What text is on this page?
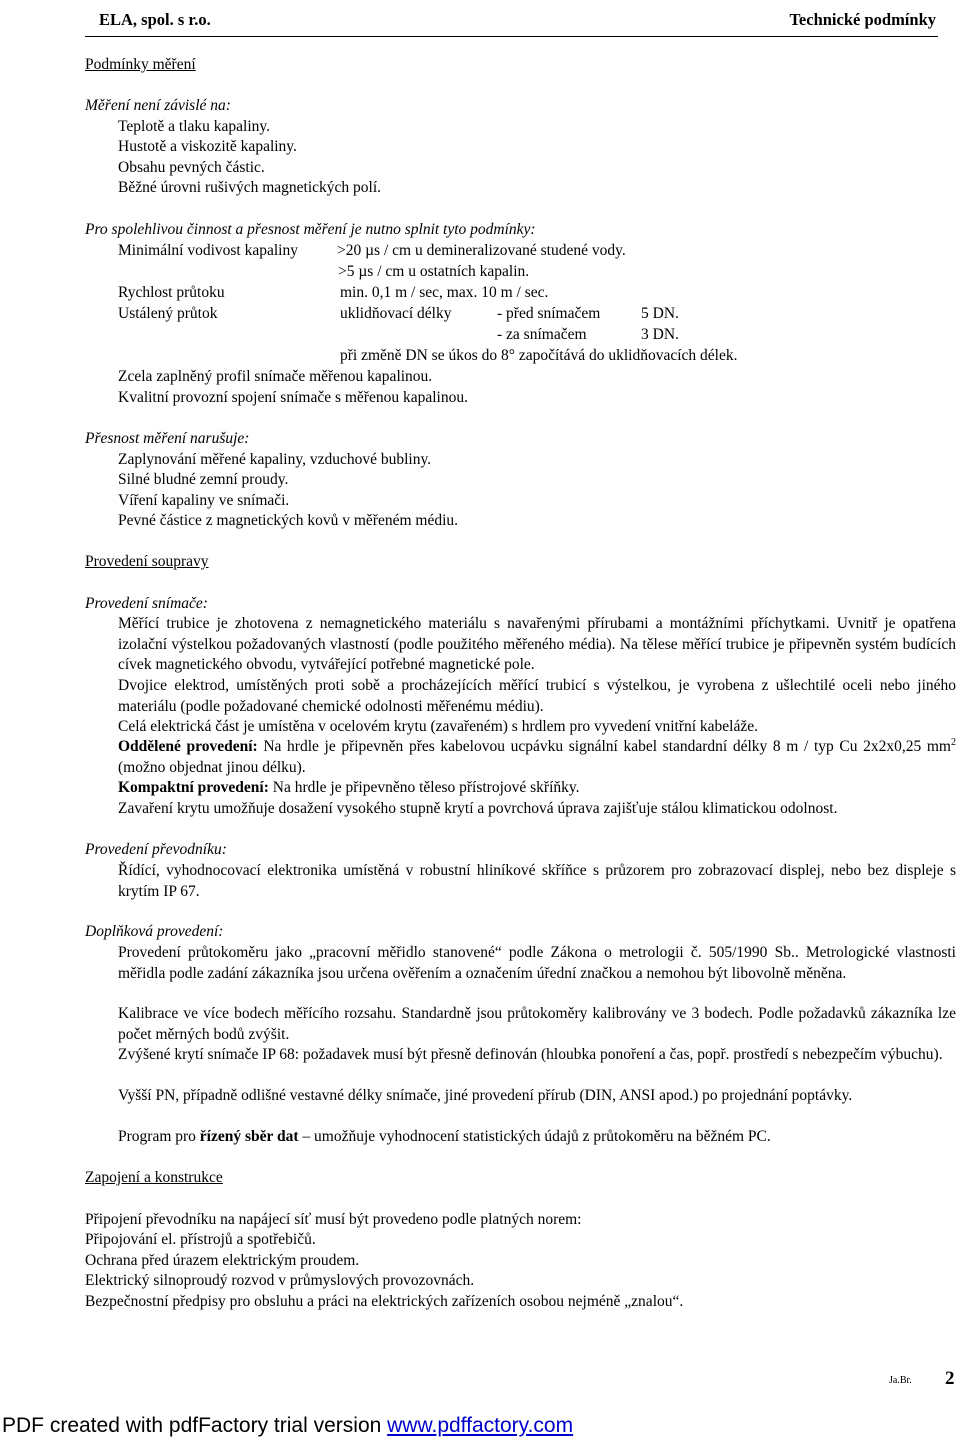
ELA, spol. s r.o.	Technické podmínky
Podmínky měření
Měření není závislé na:
Teplotě a tlaku kapaliny.
Hustotě a viskozitě kapaliny.
Obsahu pevných částic.
Běžné úrovni rušivých magnetických polí.
Pro spolehlivou činnost a přesnost měření je nutno splnit tyto podmínky:
Minimální vodivost kapaliny	>20 µs / cm u demineralizované studené vody.
>5 µs / cm u ostatních kapalin.
Rychlost průtoku	min. 0,1 m / sec, max. 10 m / sec.
Ustálený průtok	uklidňovací délky	- před snímačem	5 DN.
- za snímačem	3 DN.
při změně DN se úkos do 8° započítává do uklidňovacích délek.
Zcela zaplněný profil snímače měřenou kapalinou.
Kvalitní provozní spojení snímače s měřenou kapalinou.
Přesnost měření narušuje:
Zaplynování měřené kapaliny, vzduchové bubliny.
Silné bludné zemní proudy.
Víření kapaliny ve snímači.
Pevné částice z magnetických kovů v měřeném médiu.
Provedení soupravy
Provedení snímače:
Měřící trubice je zhotovena z nemagnetického materiálu s navařenými přírubami a montážními příchytkami. Uvnitř je opatřena izolační výstelkou požadovaných vlastností (podle použitého měřeného média). Na tělese měřící trubice je připevněn systém budících cívek magnetického obvodu, vytvářející potřebné magnetické pole.
Dvojice elektrod, umístěných proti sobě a procházejících měřící trubicí s výstelkou, je vyrobena z ušlechtilé oceli nebo jiného materiálu (podle požadované chemické odolnosti měřenému médiu).
Celá elektrická část je umístěna v ocelovém krytu (zavařeném) s hrdlem pro vyvedení vnitřní kabeláže.
Oddělené provedení: Na hrdle je připevněn přes kabelovou ucpávku signální kabel standardní délky 8 m / typ Cu 2x2x0,25 $mm^2$ (možno objednat jinou délku).
Kompaktní provedení: Na hrdle je připevněno těleso přístrojové skříňky.
Zavaření krytu umožňuje dosažení vysokého stupně krytí a povrchová úprava zajišťuje stálou klimatickou odolnost.
Provedení převodníku:
Řídící, vyhodnocovací elektronika umístěná v robustní hliníkové skříňce s průzorem pro zobrazovací displej, nebo bez displeje s krytím IP 67.
Doplňková provedení:
Provedení průtokoměru jako „pracovní měřidlo stanovené“ podle Zákona o metrologii č. 505/1990 Sb.. Metrologické vlastnosti měřidla podle zadání zákazníka jsou určena ověřením a označením úřední značkou a nemohou být libovolně měněna.
Kalibrace ve více bodech měřícího rozsahu. Standardně jsou průtokoměry kalibrovány ve 3 bodech. Podle požadavků zákazníka lze počet měrných bodů zvýšit.
Zvýšené krytí snímače IP 68: požadavek musí být přesně definován (hloubka ponoření a čas, popř. prostředí s nebezpečím výbuchu).
Vyšší PN, případně odlišné vestavné délky snímače, jiné provedení přírub (DIN, ANSI apod.) po projednání poptávky.
Program pro řízený sběr dat – umožňuje vyhodnocení statistických údajů z průtokoměru na běžném PC.
Zapojení a konstrukce
Připojení převodníku na napájecí síť musí být provedeno podle platných norem:
Připojování el. přístrojů a spotřebičů.
Ochrana před úrazem elektrickým proudem.
Elektrický silnoproudý rozvod v průmyslových provozovnách.
Bezpečnostní předpisy pro obsluhu a práci na elektrických zařízeních osobou nejméně „znalou“.
Ja.Br. 2
PDF created with pdfFactory trial version www.pdffactory.com
